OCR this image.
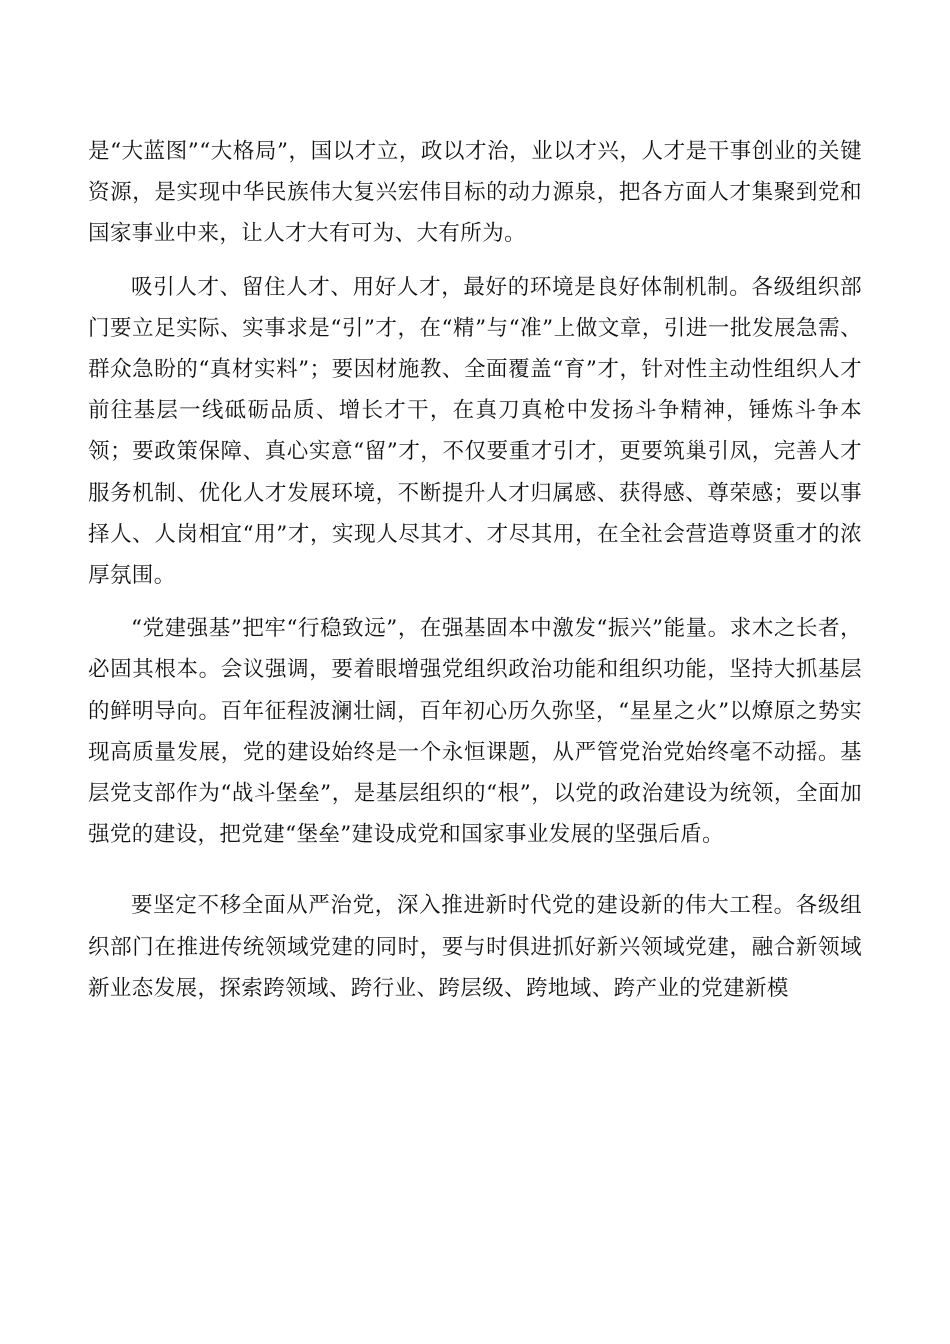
是“大蓝图”“大格局”，国以才立，政以才治，业以才兴，人才是干事创业的关键资源，是实现中华民族伟大复兴宏伟目标的动力源泉，把各方面人才集聚到党和国家事业中来，让人才大有可为、大有所为。

吸引人才、留住人才、用好人才，最好的环境是良好体制机制。各级组织部门要立足实际、实事求是“引”才，在“精”与“准”上做文章，引进一批发展急需、群众急盼的“真材实料”；要因材施教、全面覆盖“育”才，针对性主动性组织人才前往基层一线砥砺品质、增长才干，在真刀真枪中发扬斗争精神，锤炼斗争本领；要政策保障、真心实意“留”才，不仅要重才引才，更要筑巢引凤，完善人才服务机制、优化人才发展环境，不断提升人才归属感、获得感、尊荣感；要以事择人、人岗相宜“用”才，实现人尽其才、才尽其用，在全社会营造尊贤重才的浓厚氛围。

“党建强基”把牢“行稳致远”，在强基固本中激发“振兴”能量。求木之长者，必固其根本。会议强调，要着眼增强党组织政治功能和组织功能，坚持大抓基层的鲜明导向。百年征程波澜壮阔，百年初心历久弥坚，“星星之火”以燎原之势实现高质量发展，党的建设始终是一个永恒课题，从严管党治党始终毫不动摇。基层党支部作为“战斗堡垒”，是基层组织的“根”，以党的政治建设为统领，全面加强党的建设，把党建“堡垒”建设成党和国家事业发展的坚强后盾。

要坚定不移全面从严治党，深入推进新时代党的建设新的伟大工程。各级组织部门在推进传统领域党建的同时，要与时俱进抓好新兴领域党建，融合新领域新业态发展，探索跨领域、跨行业、跨层级、跨地域、跨产业的党建新模
